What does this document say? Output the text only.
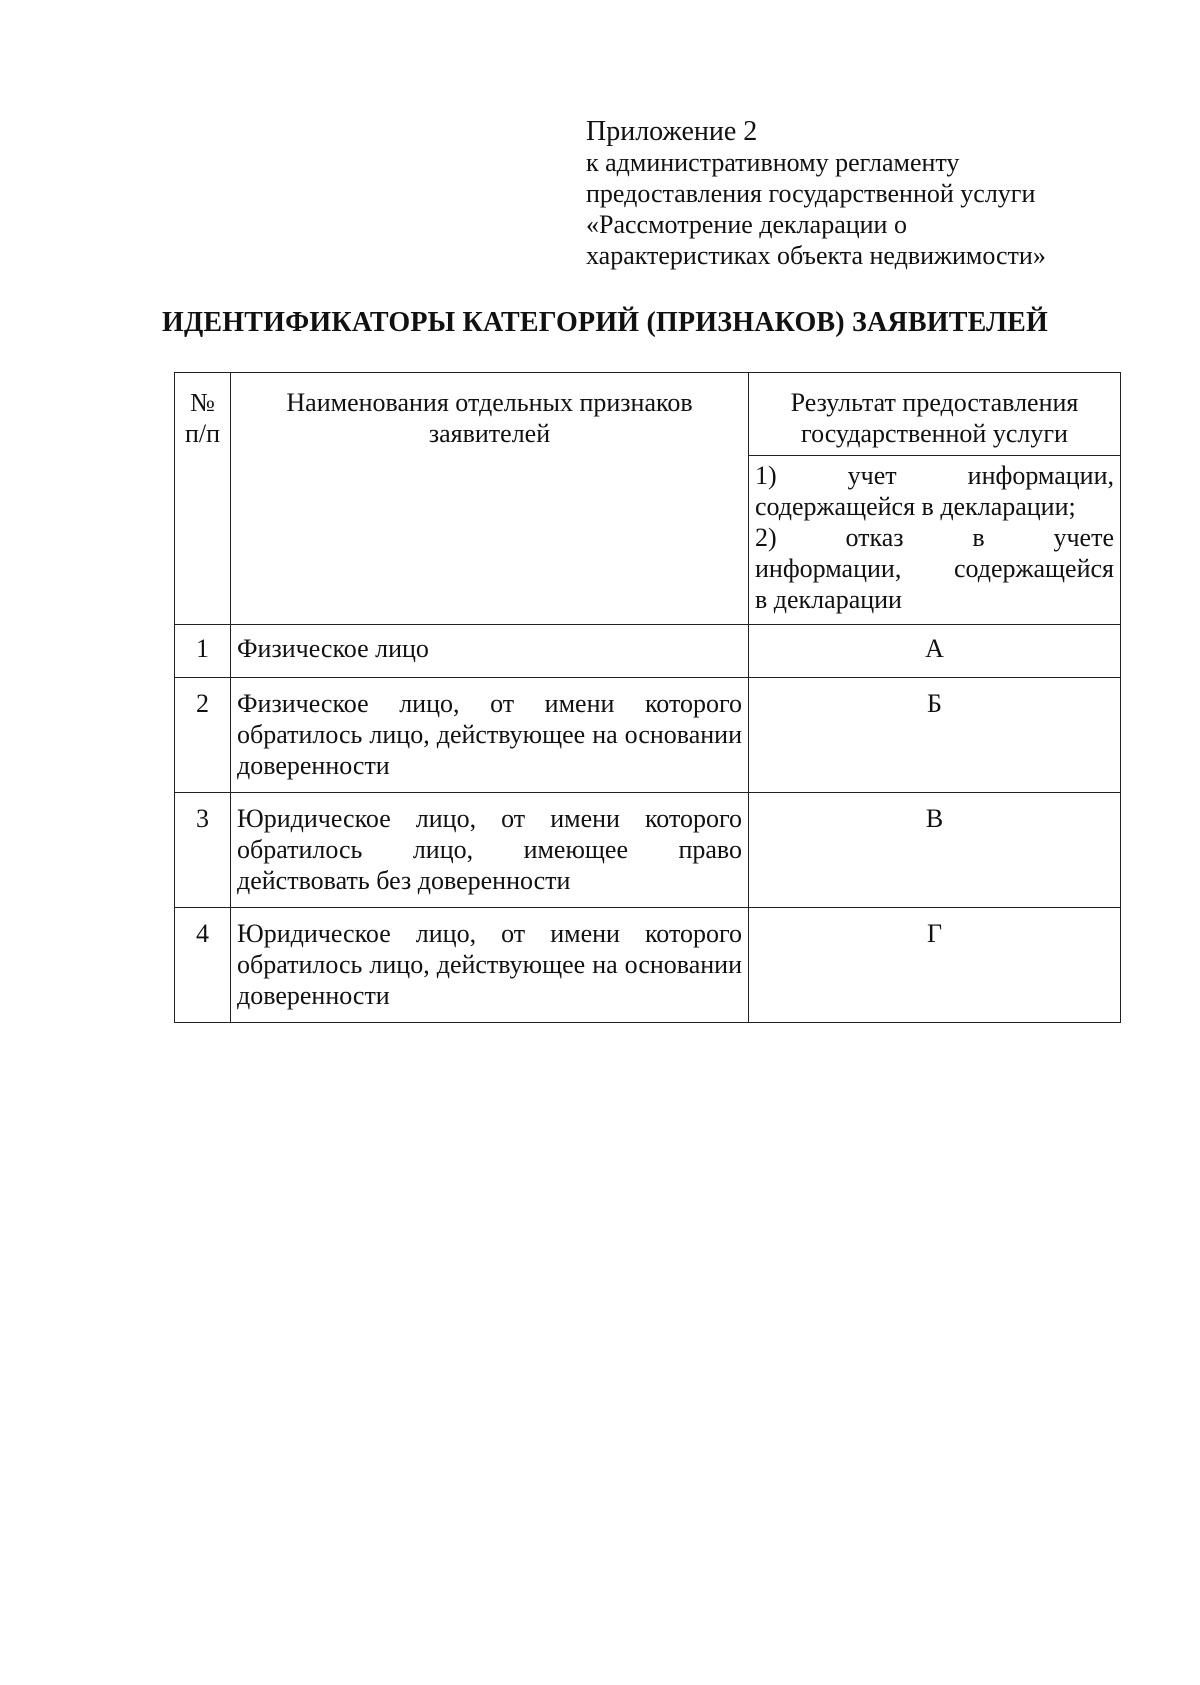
Приложение 2
к административному регламенту
предоставления государственной услуги
«Рассмотрение декларации о
характеристиках объекта недвижимости»
ИДЕНТИФИКАТОРЫ КАТЕГОРИЙ (ПРИЗНАКОВ) ЗАЯВИТЕЛЕЙ
№
п/п	Наименования отдельных признаков заявителей	Результат предоставления государственной услуги

		1) учет информации,
содержащейся в декларации;
2) отказ в учете
информации, содержащейся
в декларации

1	Физическое лицо	А
2	Физическое лицо, от имени которого обратилось лицо, действующее на основании доверенности	Б
3	Юридическое лицо, от имени которого обратилось лицо, имеющее право действовать без доверенности	В
4	Юридическое лицо, от имени которого обратилось лицо, действующее на основании доверенности	Г
